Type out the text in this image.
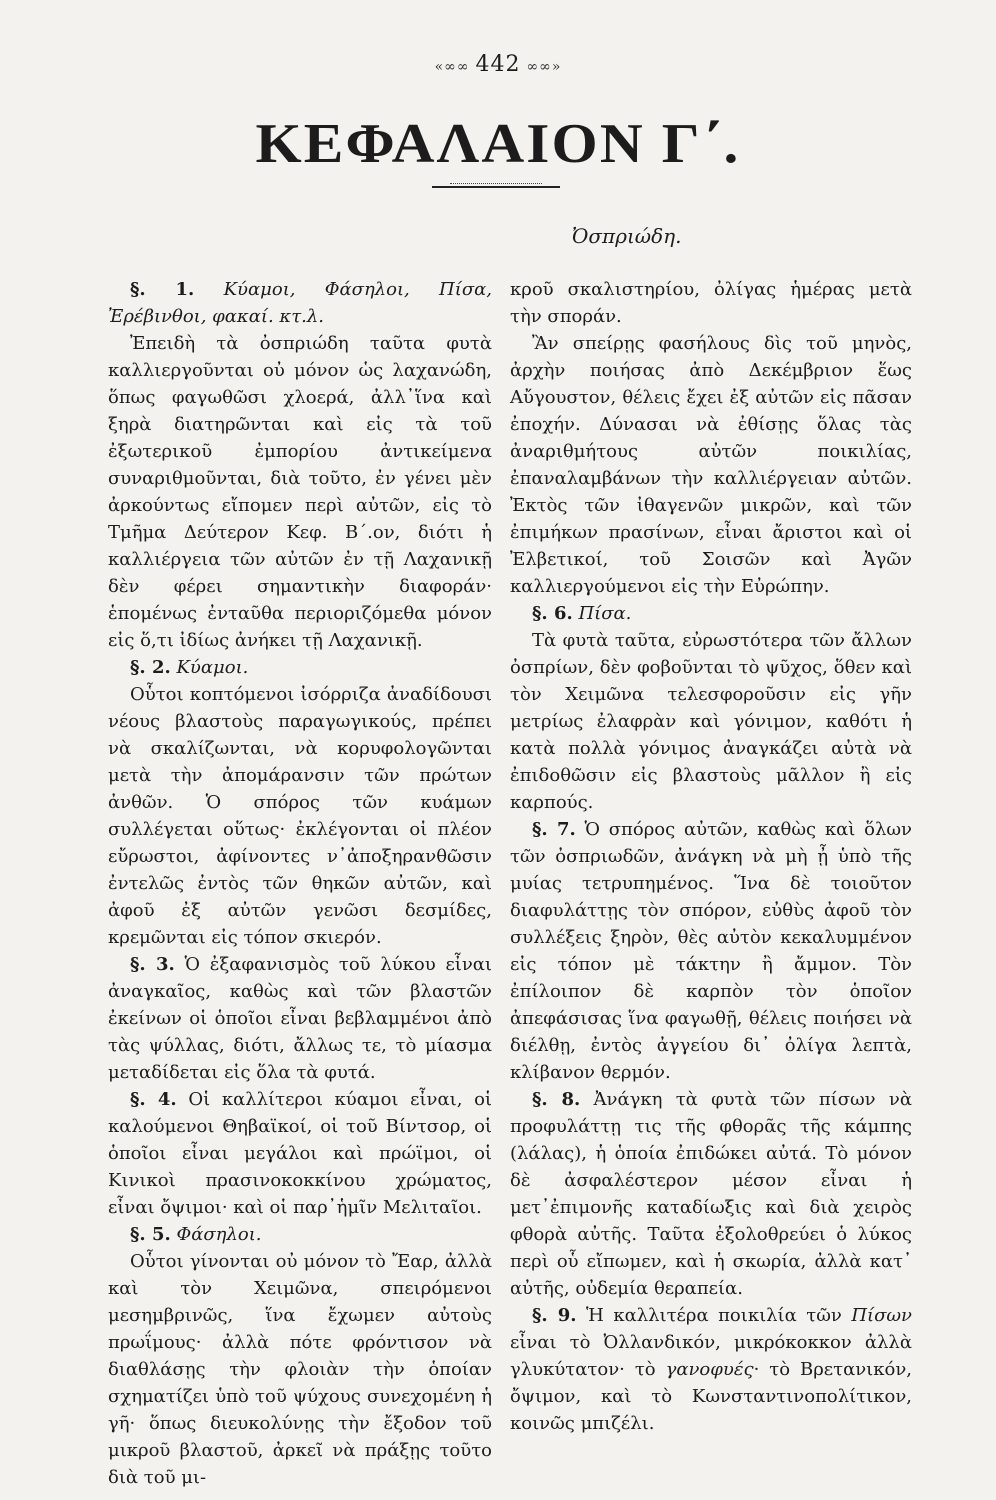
«∞∞ 442 ∞∞»
ΚΕΦΑΛΑΙΟΝ Γ΄.
Ὀσπριώδη.

§. 1. Κύαμοι, Φάσηλοι, Πίσα, Ἐρέβινθοι, φακαί. κτ.λ.

Ἐπειδὴ τὰ ὀσπριώδη ταῦτα φυτὰ καλλιεργοῦνται οὐ μόνον ὡς λαχανώδη, ὅπως φαγωθῶσι χλοερά, ἀλλ᾽ἵνα καὶ ξηρὰ διατηρῶνται καὶ εἰς τὰ τοῦ ἐξωτερικοῦ ἐμπορίου ἀντικείμενα συναριθμοῦνται, διὰ τοῦτο, ἐν γένει μὲν ἀρκούντως εἴπομεν περὶ αὐτῶν, εἰς τὸ Τμῆμα Δεύτερον Κεφ. Β΄.ον, διότι ἡ καλλιέργεια τῶν αὐτῶν ἐν τῇ Λαχανικῇ δὲν φέρει σημαντικὴν διαφοράν· ἑπομένως ἐνταῦθα περιοριζόμεθα μόνον εἰς ὅ,τι ἰδίως ἀνήκει τῇ Λαχανικῇ.

§. 2. Κύαμοι.

Οὗτοι κοπτόμενοι ἰσόρριζα ἀναδίδουσι νέους βλαστοὺς παραγωγικούς, πρέπει νὰ σκαλίζωνται, νὰ κορυφολογῶνται μετὰ τὴν ἀπομάρανσιν τῶν πρώτων ἀνθῶν. Ὁ σπόρος τῶν κυάμων συλλέγεται οὕτως· ἐκλέγονται οἱ πλέον εὔρωστοι, ἀφίνοντες ν᾽ἀποξηρανθῶσιν ἐντελῶς ἐντὸς τῶν θηκῶν αὐτῶν, καὶ ἀφοῦ ἐξ αὐτῶν γενῶσι δεσμίδες, κρεμῶνται εἰς τόπον σκιερόν.

§. 3. Ὁ ἐξαφανισμὸς τοῦ λύκου εἶναι ἀναγκαῖος, καθὼς καὶ τῶν βλαστῶν ἐκείνων οἱ ὁποῖοι εἶναι βεβλαμμένοι ἀπὸ τὰς ψύλλας, διότι, ἄλλως τε, τὸ μίασμα μεταδίδεται εἰς ὅλα τὰ φυτά.

§. 4. Οἱ καλλίτεροι κύαμοι εἶναι, οἱ καλούμενοι Θηβαϊκοί, οἱ τοῦ Βίντσορ, οἱ ὁποῖοι εἶναι μεγάλοι καὶ πρώϊμοι, οἱ Κινικοὶ πρασινοκοκκίνου χρώματος, εἶναι ὄψιμοι· καὶ οἱ παρ᾽ἡμῖν Μελιταῖοι.

§. 5. Φάσηλοι.

Οὗτοι γίνονται οὐ μόνον τὸ Ἔαρ, ἀλλὰ καὶ τὸν Χειμῶνα, σπειρόμενοι μεσημβρινῶς, ἵνα ἔχωμεν αὐτοὺς πρωΐμους· ἀλλὰ πότε φρόντισον νὰ διαθλάσῃς τὴν φλοιὰν τὴν ὁποίαν σχηματίζει ὑπὸ τοῦ ψύχους συνεχομένη ἡ γῆ· ὅπως διευκολύνῃς τὴν ἔξοδον τοῦ μικροῦ βλαστοῦ, ἀρκεῖ νὰ πράξῃς τοῦτο διὰ τοῦ μι-

κροῦ σκαλιστηρίου, ὀλίγας ἡμέρας μετὰ τὴν σποράν.

Ἂν σπείρῃς φασήλους δὶς τοῦ μηνὸς, ἀρχὴν ποιήσας ἀπὸ Δεκέμβριον ἕως Αὔγουστον, θέλεις ἔχει ἐξ αὐτῶν εἰς πᾶσαν ἐποχήν. Δύνασαι νὰ ἐθίσῃς ὅλας τὰς ἀναριθμήτους αὐτῶν ποικιλίας, ἐπαναλαμβάνων τὴν καλλιέργειαν αὐτῶν. Ἐκτὸς τῶν ἰθαγενῶν μικρῶν, καὶ τῶν ἐπιμήκων πρασίνων, εἶναι ἄριστοι καὶ οἱ Ἐλβετικοί, τοῦ Σοισῶν καὶ Ἀγῶν καλλιεργούμενοι εἰς τὴν Εὐρώπην.

§. 6. Πίσα.

Τὰ φυτὰ ταῦτα, εὐρωστότερα τῶν ἄλλων ὀσπρίων, δὲν φοβοῦνται τὸ ψῦχος, ὅθεν καὶ τὸν Χειμῶνα τελεσφοροῦσιν εἰς γῆν μετρίως ἐλαφρὰν καὶ γόνιμον, καθότι ἡ κατὰ πολλὰ γόνιμος ἀναγκάζει αὐτὰ νὰ ἐπιδοθῶσιν εἰς βλαστοὺς μᾶλλον ἢ εἰς καρπούς.

§. 7. Ὁ σπόρος αὐτῶν, καθὼς καὶ ὅλων τῶν ὀσπριωδῶν, ἀνάγκη νὰ μὴ ᾖ ὑπὸ τῆς μυίας τετρυπημένος. Ἵνα δὲ τοιοῦτον διαφυλάττῃς τὸν σπόρον, εὐθὺς ἀφοῦ τὸν συλλέξεις ξηρὸν, θὲς αὐτὸν κεκαλυμμένον εἰς τόπον μὲ τάκτην ἢ ἄμμον. Τὸν ἐπίλοιπον δὲ καρπὸν τὸν ὁποῖον ἀπεφάσισας ἵνα φαγωθῇ, θέλεις ποιήσει νὰ διέλθῃ, ἐντὸς ἀγγείου δι᾽ ὀλίγα λεπτὰ, κλίβανον θερμόν.

§. 8. Ἀνάγκη τὰ φυτὰ τῶν πίσων νὰ προφυλάττῃ τις τῆς φθορᾶς τῆς κάμπης (λάλας), ἡ ὁποία ἐπιδώκει αὐτά. Τὸ μόνον δὲ ἀσφαλέστερον μέσον εἶναι ἡ μετ᾽ἐπιμονῆς καταδίωξις καὶ διὰ χειρὸς φθορὰ αὐτῆς. Ταῦτα ἐξολοθρεύει ὁ λύκος περὶ οὗ εἴπωμεν, καὶ ἡ σκωρία, ἀλλὰ κατ᾽ αὐτῆς, οὐδεμία θεραπεία.

§. 9. Ἡ καλλιτέρα ποικιλία τῶν Πίσων εἶναι τὸ Ὀλλανδικόν, μικρόκοκκον ἀλλὰ γλυκύτατον· τὸ γανοφυές· τὸ Βρετανικόν, ὄψιμον, καὶ τὸ Κωνσταντινοπολίτικον, κοινῶς μπιζέλι.
